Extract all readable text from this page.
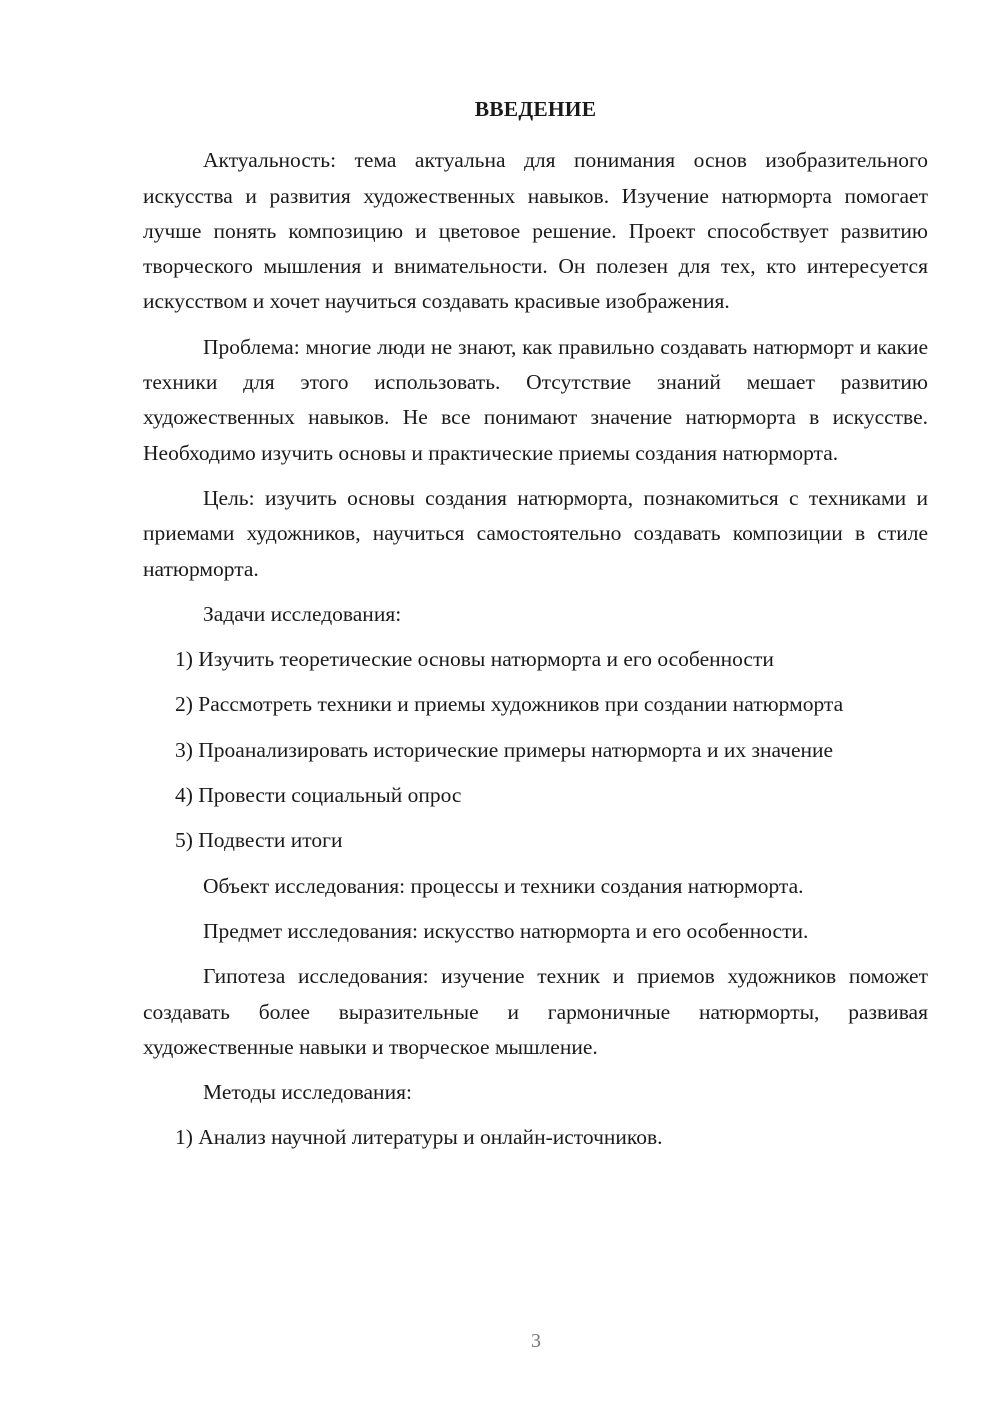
ВВЕДЕНИЕ

Актуальность: тема актуальна для понимания основ изобразительного искусства и развития художественных навыков. Изучение натюрморта помогает лучше понять композицию и цветовое решение. Проект способствует развитию творческого мышления и внимательности. Он полезен для тех, кто интересуется искусством и хочет научиться создавать красивые изображения.

Проблема: многие люди не знают, как правильно создавать натюрморт и какие техники для этого использовать. Отсутствие знаний мешает развитию художественных навыков. Не все понимают значение натюрморта в искусстве. Необходимо изучить основы и практические приемы создания натюрморта.

Цель: изучить основы создания натюрморта, познакомиться с техниками и приемами художников, научиться самостоятельно создавать композиции в стиле натюрморта.

Задачи исследования:

1) Изучить теоретические основы натюрморта и его особенности

2) Рассмотреть техники и приемы художников при создании натюрморта

3) Проанализировать исторические примеры натюрморта и их значение

4) Провести социальный опрос

5) Подвести итоги

Объект исследования: процессы и техники создания натюрморта.

Предмет исследования: искусство натюрморта и его особенности.

Гипотеза исследования: изучение техник и приемов художников поможет создавать более выразительные и гармоничные натюрморты, развивая художественные навыки и творческое мышление.

Методы исследования:

1) Анализ научной литературы и онлайн-источников.

3
